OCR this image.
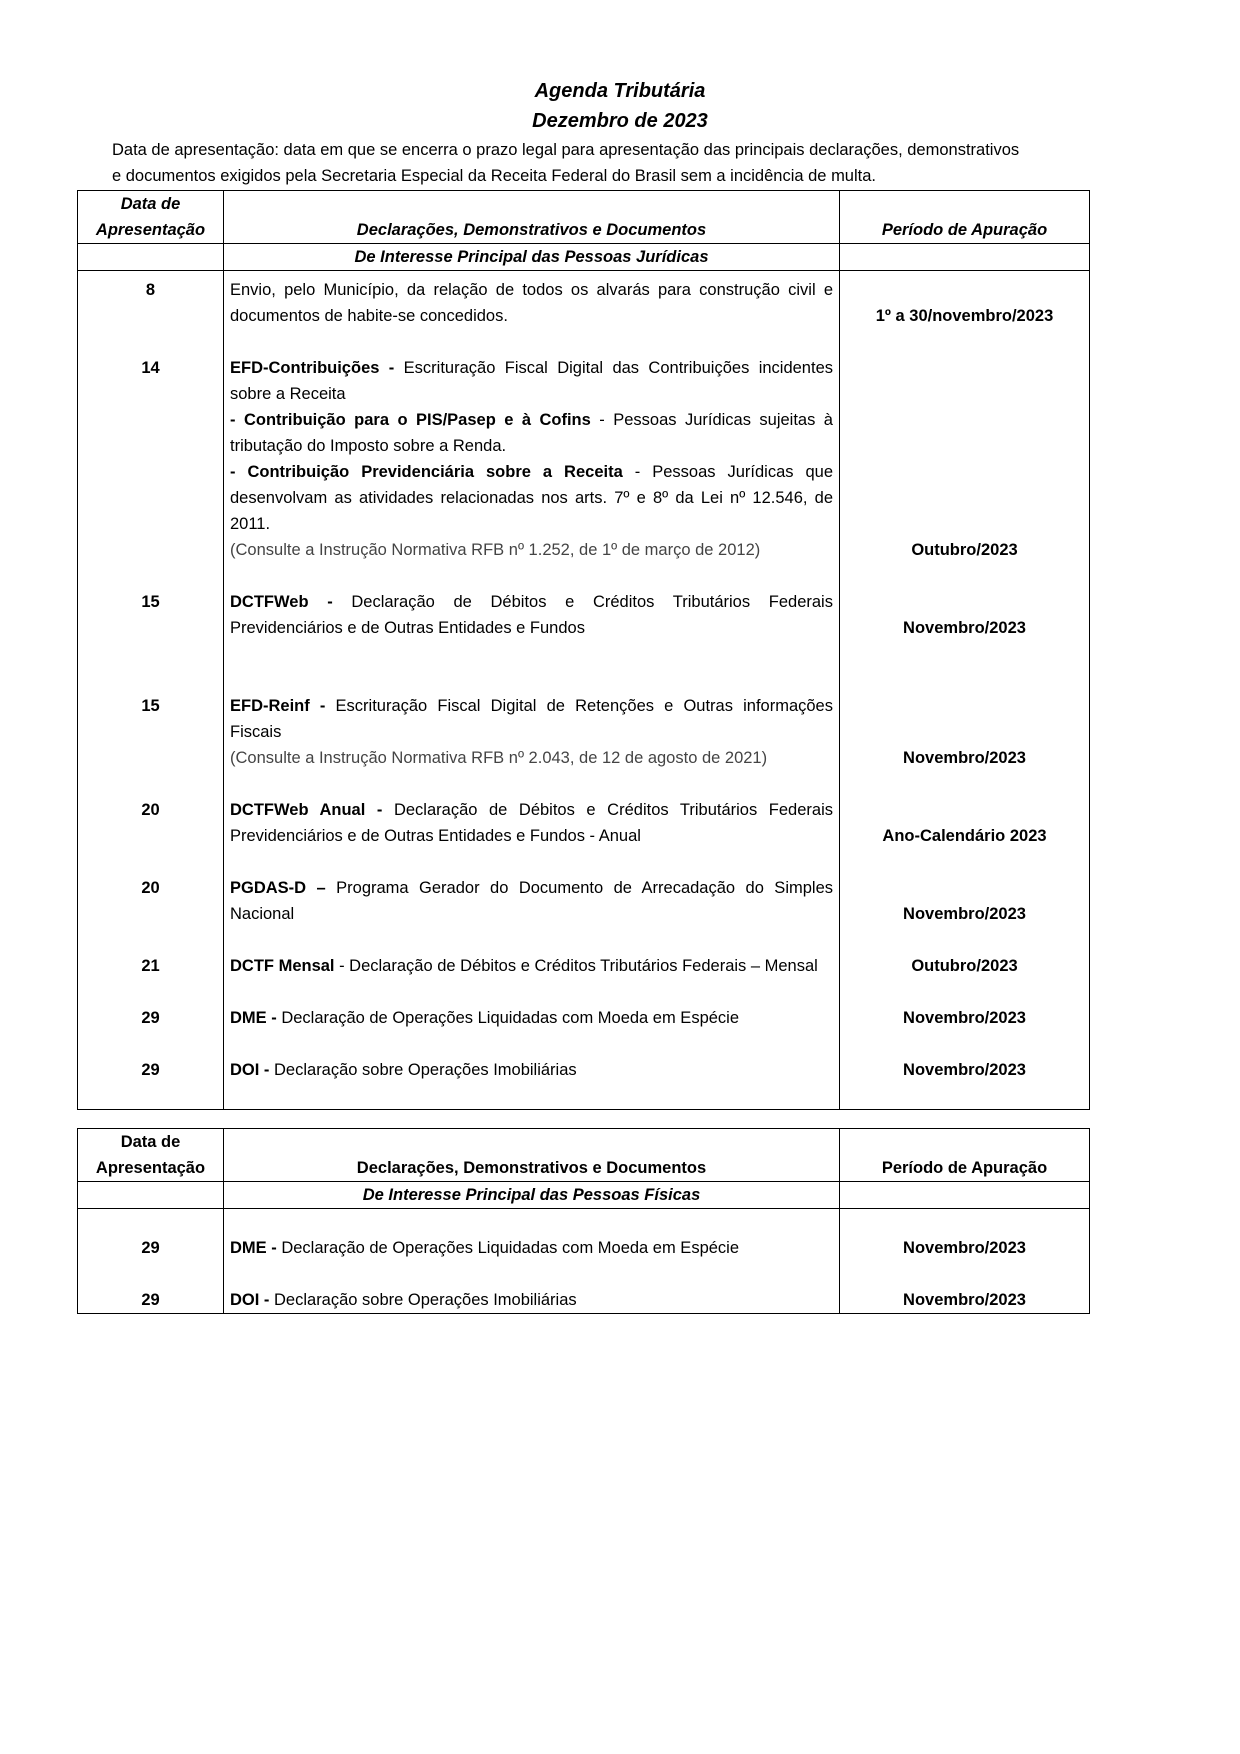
Agenda Tributária
Dezembro de 2023

Data de apresentação: data em que se encerra o prazo legal para apresentação das principais declarações, demonstrativos

e documentos exigidos pela Secretaria Especial da Receita Federal do Brasil sem a incidência de multa.

Data de
Apresentação	Declarações, Demonstrativos e Documentos	Período de Apuração
	De Interesse Principal das Pessoas Jurídicas	

8	Envio, pelo Município, da relação de todos os alvarás para construção civil e documentos de habite-se concedidos.	1º a 30/novembro/2023

14	EFD-Contribuições - Escrituração Fiscal Digital das Contribuições incidentes sobre a Receita
- Contribuição para o PIS/Pasep e à Cofins - Pessoas Jurídicas sujeitas à tributação do Imposto sobre a Renda.
- Contribuição Previdenciária sobre a Receita - Pessoas Jurídicas que desenvolvam as atividades relacionadas nos arts. 7º e 8º da Lei nº 12.546, de 2011.
(Consulte a Instrução Normativa RFB nº 1.252, de 1º de março de 2012)	Outubro/2023

15	DCTFWeb - Declaração de Débitos e Créditos Tributários Federais Previdenciários e de Outras Entidades e Fundos	Novembro/2023

15	EFD-Reinf - Escrituração Fiscal Digital de Retenções e Outras informações Fiscais
(Consulte a Instrução Normativa RFB nº 2.043, de 12 de agosto de 2021)	Novembro/2023

20	DCTFWeb Anual - Declaração de Débitos e Créditos Tributários Federais Previdenciários e de Outras Entidades e Fundos - Anual	Ano-Calendário 2023

20	PGDAS-D – Programa Gerador do Documento de Arrecadação do Simples Nacional	Novembro/2023

21	DCTF Mensal - Declaração de Débitos e Créditos Tributários Federais – Mensal	Outubro/2023

29	DME - Declaração de Operações Liquidadas com Moeda em Espécie	Novembro/2023

29	DOI - Declaração sobre Operações Imobiliárias	Novembro/2023

Data de
Apresentação	Declarações, Demonstrativos e Documentos	Período de Apuração
	De Interesse Principal das Pessoas Físicas	

29	DME - Declaração de Operações Liquidadas com Moeda em Espécie	Novembro/2023

29	DOI - Declaração sobre Operações Imobiliárias	Novembro/2023
